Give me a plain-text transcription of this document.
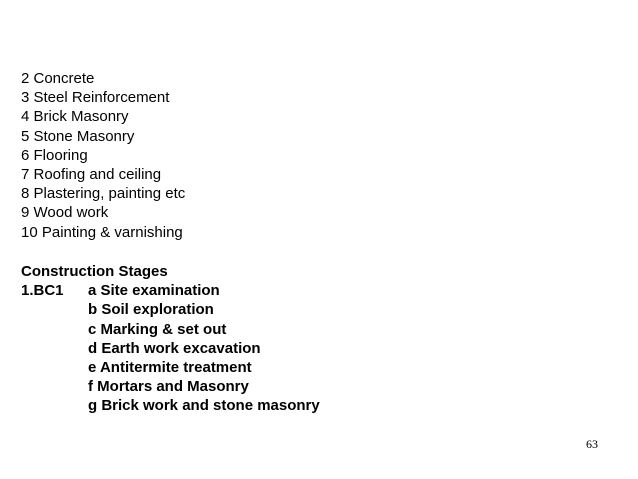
2 Concrete
3 Steel Reinforcement
4 Brick Masonry
5 Stone Masonry
6 Flooring
7 Roofing and ceiling
8 Plastering, painting etc
9 Wood work
10 Painting & varnishing
Construction Stages
1.BC1	a Site examination
b Soil exploration
c Marking & set out
d Earth work excavation
e Antitermite treatment
f Mortars and Masonry
g Brick work and stone masonry
63
